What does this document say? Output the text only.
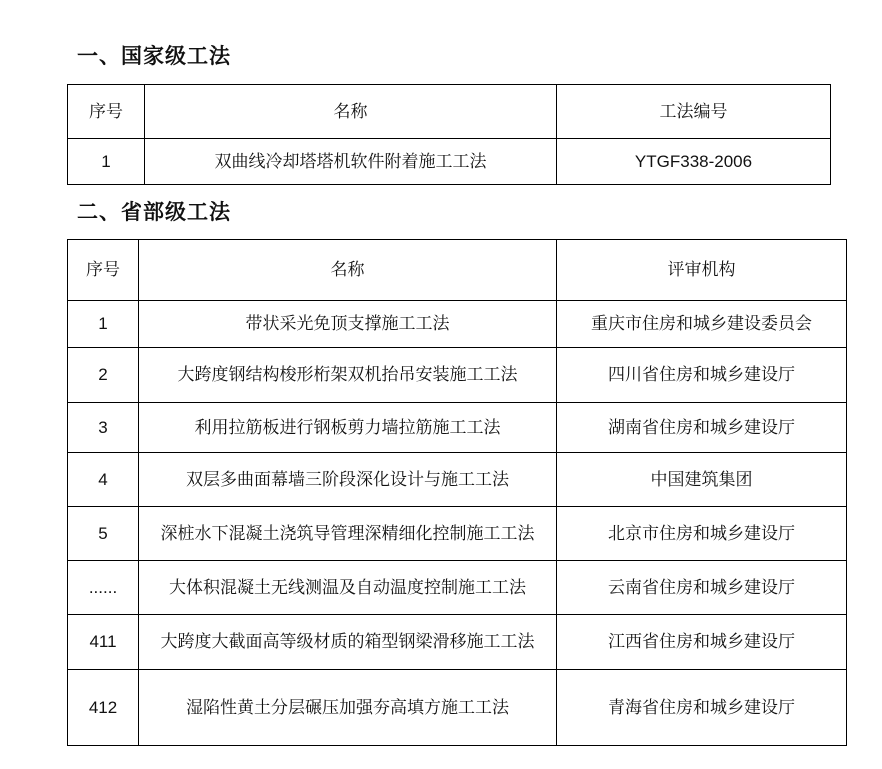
一、国家级工法
序号	名称	工法编号
1	双曲线冷却塔塔机软件附着施工工法	YTGF338-2006
二、省部级工法
序号	名称	评审机构
1	带状采光免顶支撑施工工法	重庆市住房和城乡建设委员会
2	大跨度钢结构梭形桁架双机抬吊安装施工工法	四川省住房和城乡建设厅
3	利用拉筋板进行钢板剪力墙拉筋施工工法	湖南省住房和城乡建设厅
4	双层多曲面幕墙三阶段深化设计与施工工法	中国建筑集团
5	深桩水下混凝土浇筑导管理深精细化控制施工工法	北京市住房和城乡建设厅
......	大体积混凝土无线测温及自动温度控制施工工法	云南省住房和城乡建设厅
411	大跨度大截面高等级材质的箱型钢梁滑移施工工法	江西省住房和城乡建设厅
412	湿陷性黄土分层碾压加强夯高填方施工工法	青海省住房和城乡建设厅
